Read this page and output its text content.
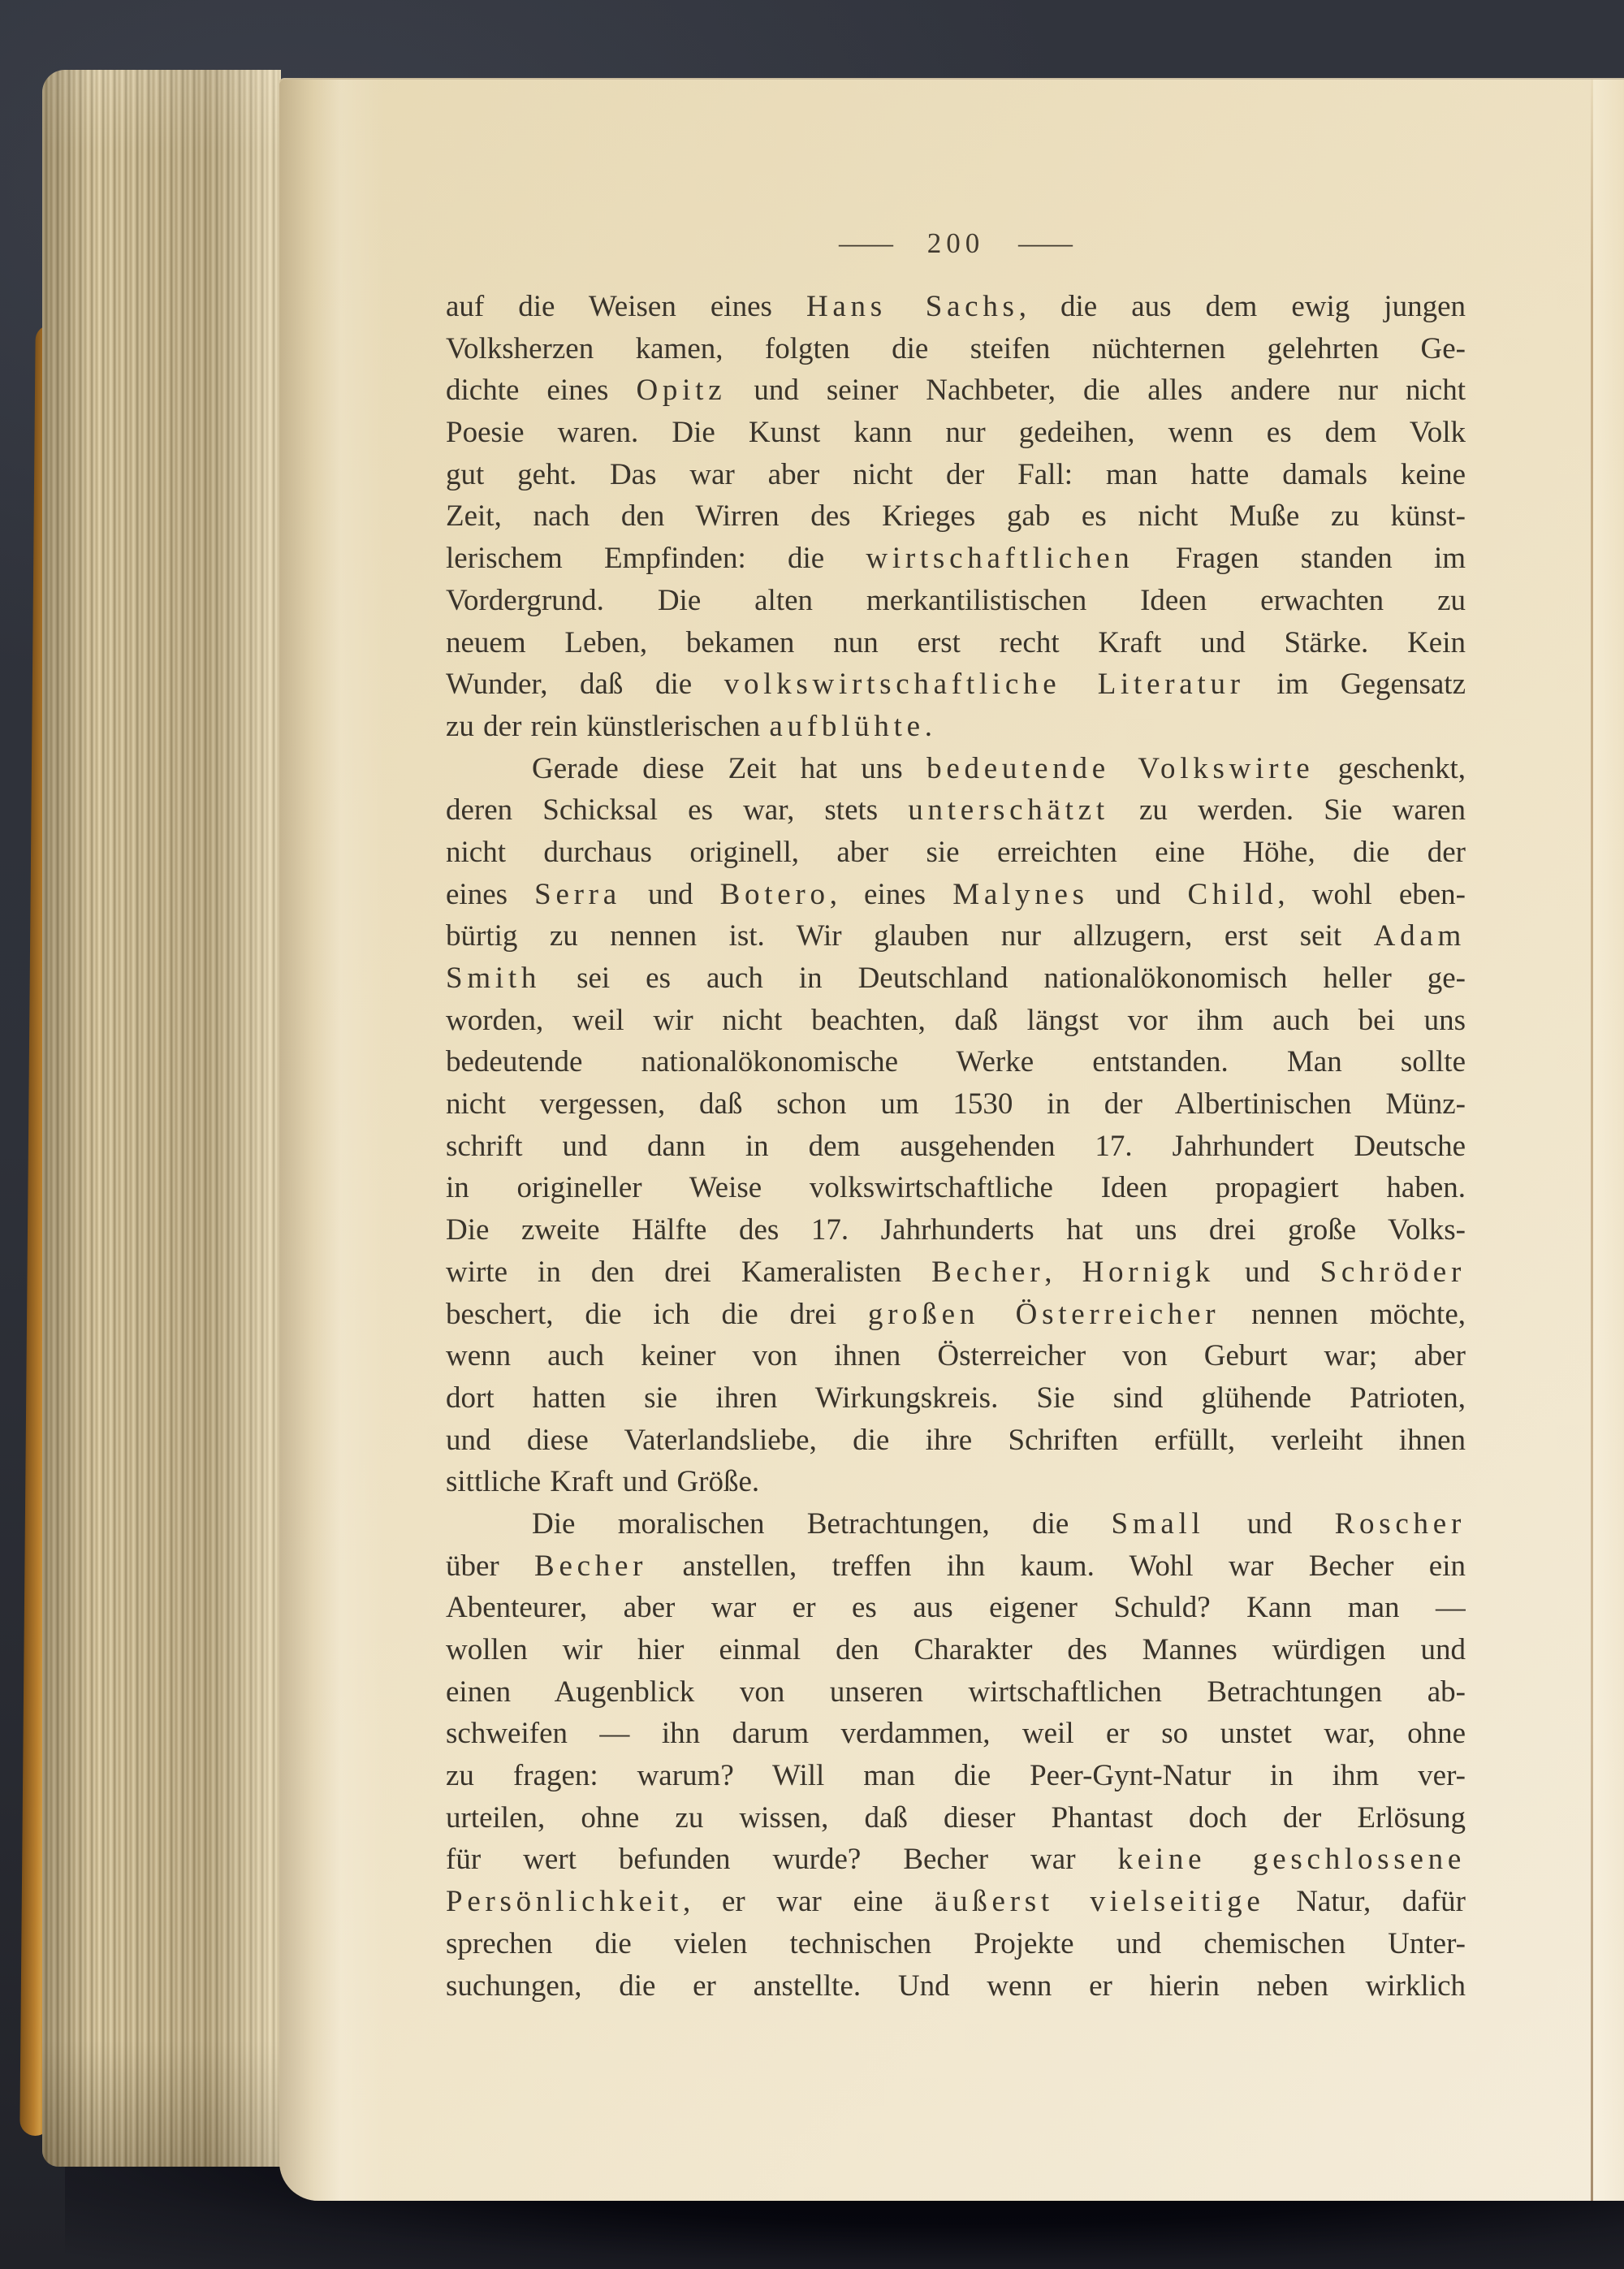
— 200 —
auf die Weisen eines Hans Sachs, die aus dem ewig jungen
Volksherzen kamen, folgten die steifen nüchternen gelehrten Ge-
dichte eines Opitz und seiner Nachbeter, die alles andere nur nicht
Poesie waren. Die Kunst kann nur gedeihen, wenn es dem Volk
gut geht. Das war aber nicht der Fall: man hatte damals keine
Zeit, nach den Wirren des Krieges gab es nicht Muße zu künst-
lerischem Empfinden: die wirtschaftlichen Fragen standen im
Vordergrund. Die alten merkantilistischen Ideen erwachten zu
neuem Leben, bekamen nun erst recht Kraft und Stärke. Kein
Wunder, daß die volkswirtschaftliche Literatur im Gegensatz
zu der rein künstlerischen aufblühte.
Gerade diese Zeit hat uns bedeutende Volkswirte geschenkt,
deren Schicksal es war, stets unterschätzt zu werden. Sie waren
nicht durchaus originell, aber sie erreichten eine Höhe, die der
eines Serra und Botero, eines Malynes und Child, wohl eben-
bürtig zu nennen ist. Wir glauben nur allzugern, erst seit Adam
Smith sei es auch in Deutschland nationalökonomisch heller ge-
worden, weil wir nicht beachten, daß längst vor ihm auch bei uns
bedeutende nationalökonomische Werke entstanden. Man sollte
nicht vergessen, daß schon um 1530 in der Albertinischen Münz-
schrift und dann in dem ausgehenden 17. Jahrhundert Deutsche
in origineller Weise volkswirtschaftliche Ideen propagiert haben.
Die zweite Hälfte des 17. Jahrhunderts hat uns drei große Volks-
wirte in den drei Kameralisten Becher, Hornigk und Schröder
beschert, die ich die drei großen Österreicher nennen möchte,
wenn auch keiner von ihnen Österreicher von Geburt war; aber
dort hatten sie ihren Wirkungskreis. Sie sind glühende Patrioten,
und diese Vaterlandsliebe, die ihre Schriften erfüllt, verleiht ihnen
sittliche Kraft und Größe.
Die moralischen Betrachtungen, die Small und Roscher
über Becher anstellen, treffen ihn kaum. Wohl war Becher ein
Abenteurer, aber war er es aus eigener Schuld? Kann man —
wollen wir hier einmal den Charakter des Mannes würdigen und
einen Augenblick von unseren wirtschaftlichen Betrachtungen ab-
schweifen — ihn darum verdammen, weil er so unstet war, ohne
zu fragen: warum? Will man die Peer-Gynt-Natur in ihm ver-
urteilen, ohne zu wissen, daß dieser Phantast doch der Erlösung
für wert befunden wurde? Becher war keine geschlossene
Persönlichkeit, er war eine äußerst vielseitige Natur, dafür
sprechen die vielen technischen Projekte und chemischen Unter-
suchungen, die er anstellte. Und wenn er hierin neben wirklich
